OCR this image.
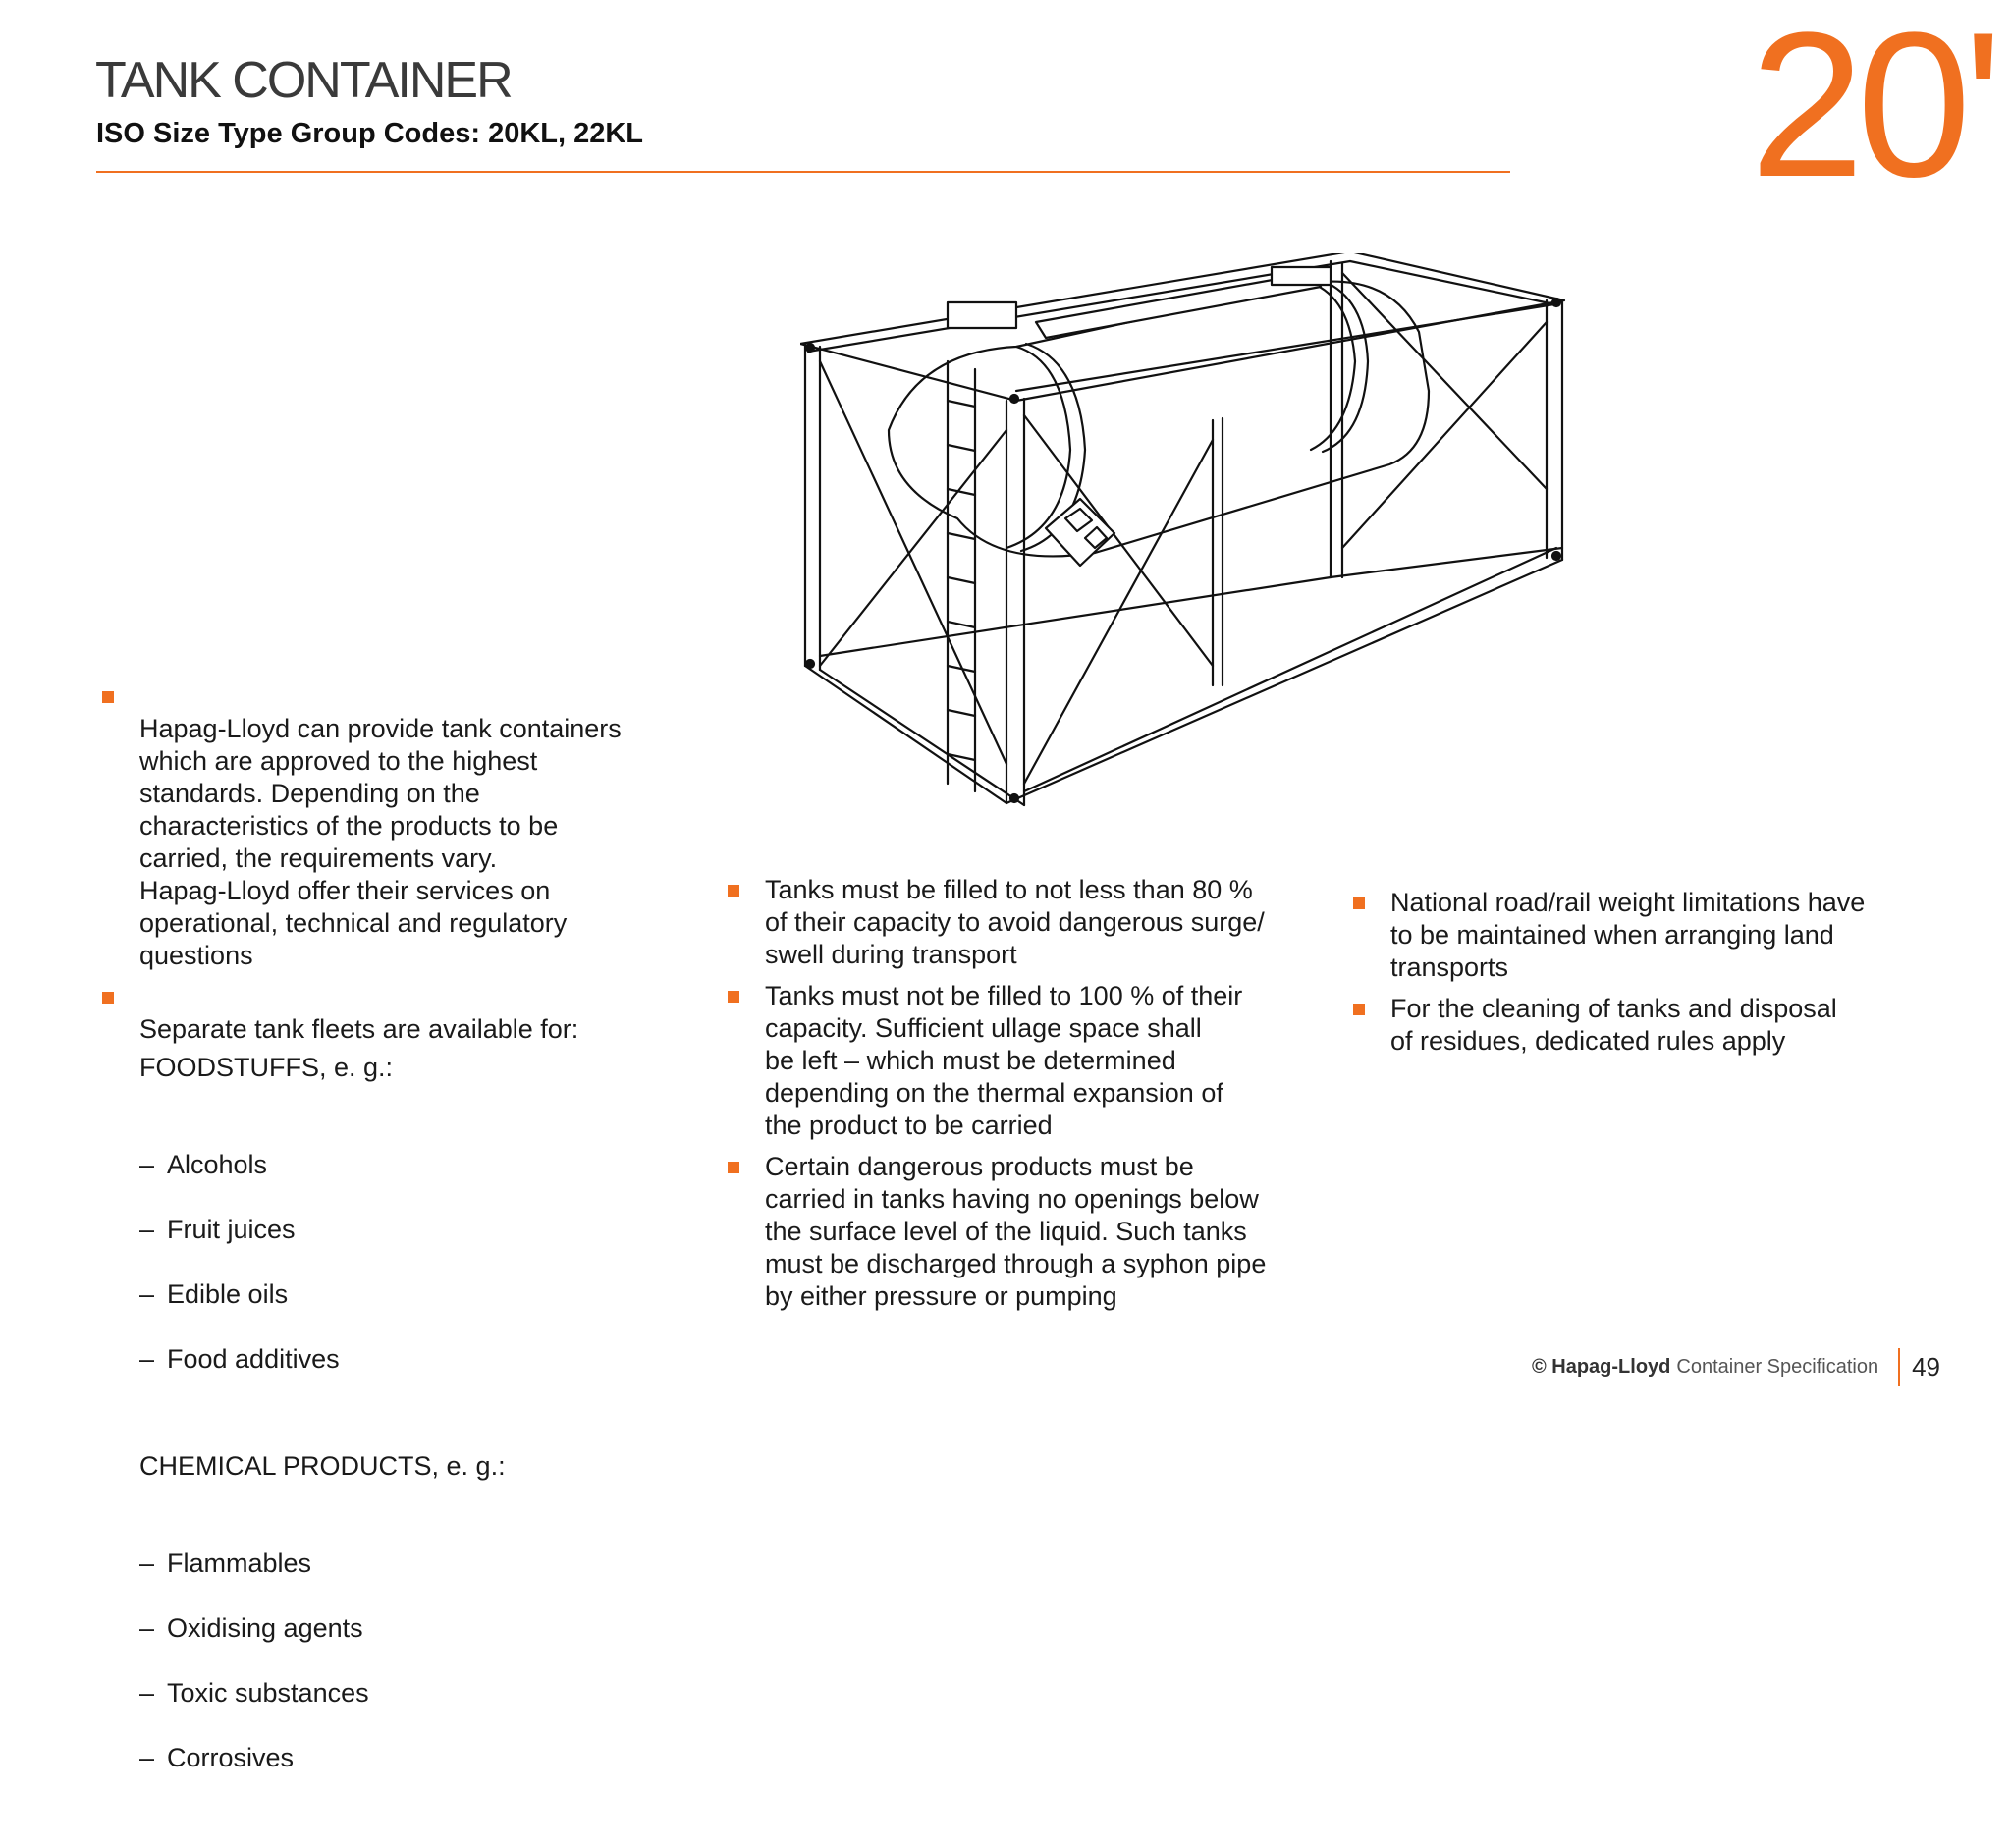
TANK CONTAINER
ISO Size Type Group Codes: 20KL, 22KL	20'

Hapag-Lloyd can provide tank containers
which are approved to the highest
standards. Depending on the
characteristics of the products to be
carried, the requirements vary.
Hapag-Lloyd offer their services on
operational, technical and regulatory
questions

Separate tank fleets are available for:

FOODSTUFFS, e. g.:

– Alcohols

– Fruit juices

– Edible oils

– Food additives

CHEMICAL PRODUCTS, e. g.:

– Flammables

– Oxidising agents

– Toxic substances

– Corrosives

Tanks must be filled to not less than 80 %
of their capacity to avoid dangerous surge/
swell during transport
Tanks must not be filled to 100 % of their
capacity. Sufficient ullage space shall
be left – which must be determined
depending on the thermal expansion of
the product to be carried
Certain dangerous products must be
carried in tanks having no openings below
the surface level of the liquid. Such tanks
must be discharged through a syphon pipe
by either pressure or pumping
National road/rail weight limitations have
to be maintained when arranging land
transports
For the cleaning of tanks and disposal
of residues, dedicated rules apply
© Hapag-Lloyd Container Specification 49
